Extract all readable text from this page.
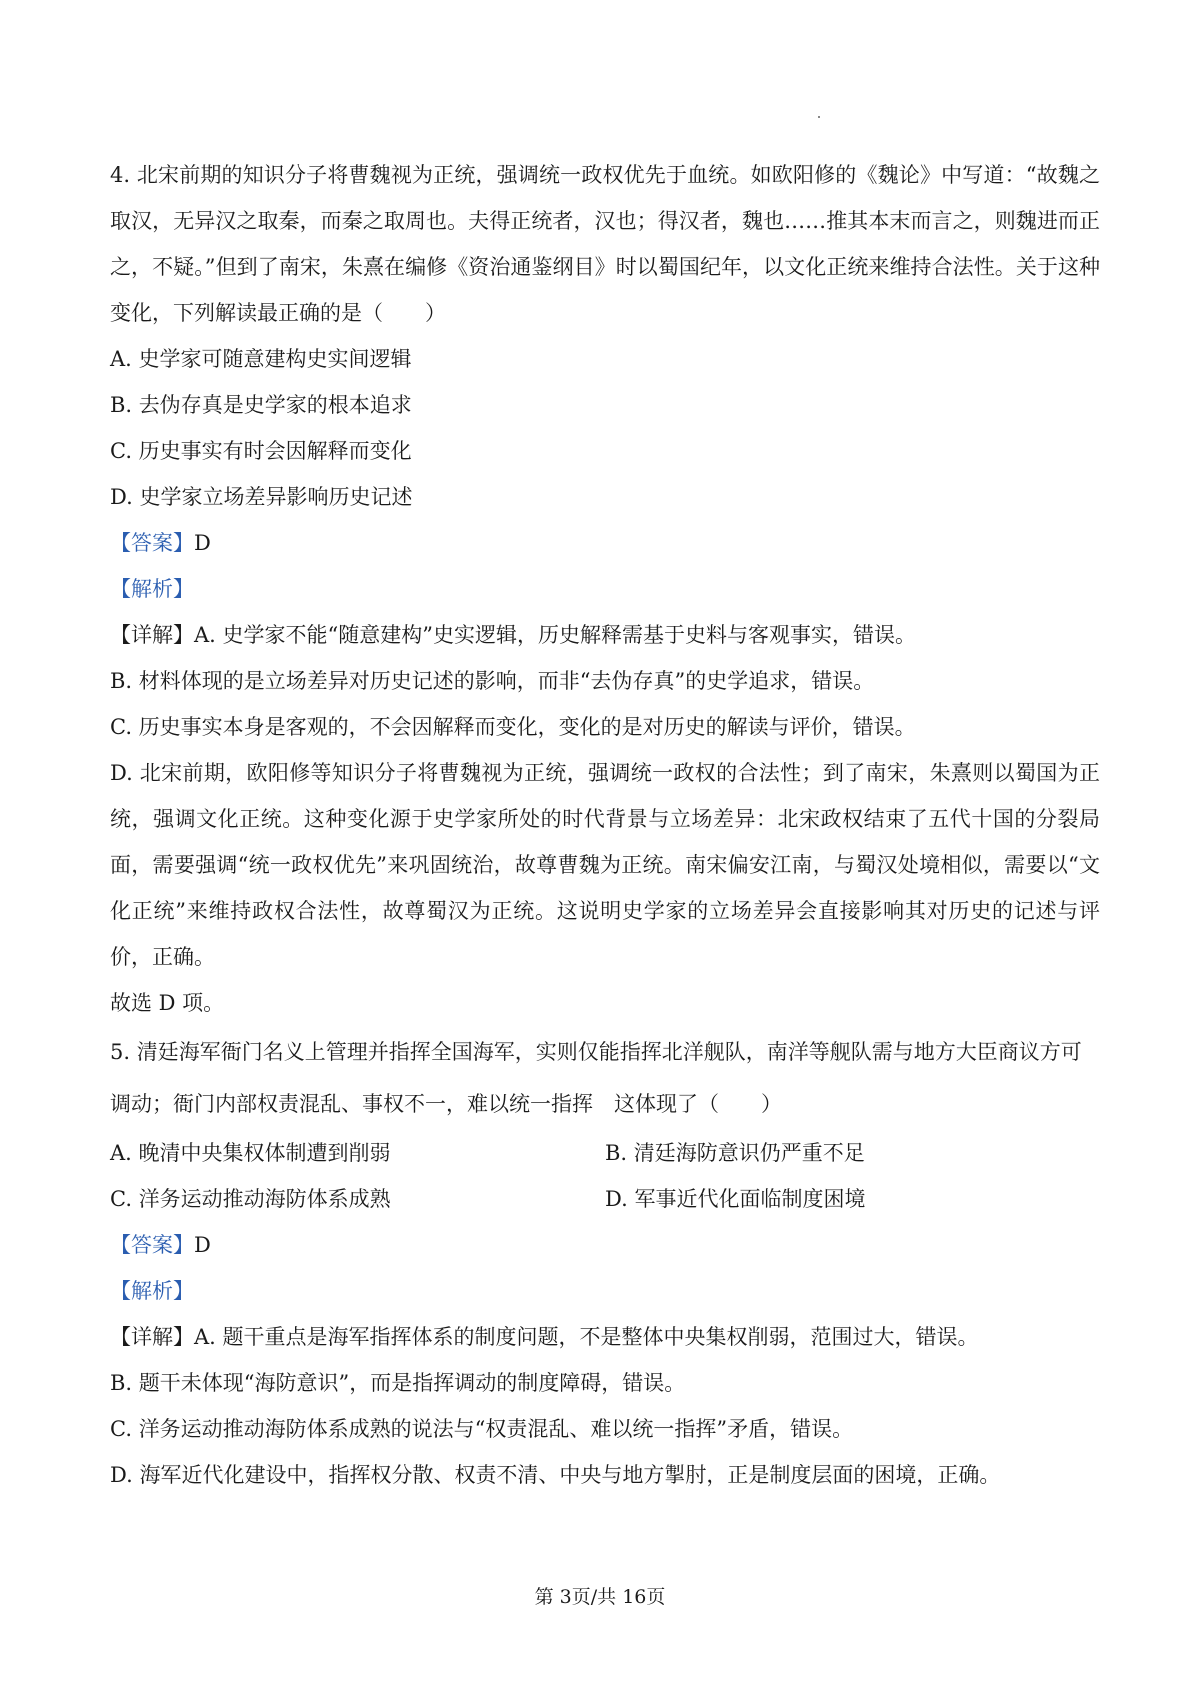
4. 北宋前期的知识分子将曹魏视为正统，强调统一政权优先于血统。如欧阳修的《魏论》中写道：“故魏之取汉，无异汉之取秦，而秦之取周也。夫得正统者，汉也；得汉者，魏也……推其本末而言之，则魏进而正之，不疑。”但到了南宋，朱熹在编修《资治通鉴纲目》时以蜀国纪年，以文化正统来维持合法性。关于这种变化，下列解读最正确的是（　　）

A. 史学家可随意建构史实间逻辑

B. 去伪存真是史学家的根本追求

C. 历史事实有时会因解释而变化

D. 史学家立场差异影响历史记述

【答案】D

【解析】

【详解】A. 史学家不能“随意建构”史实逻辑，历史解释需基于史料与客观事实，错误。

B. 材料体现的是立场差异对历史记述的影响，而非“去伪存真”的史学追求，错误。

C. 历史事实本身是客观的，不会因解释而变化，变化的是对历史的解读与评价，错误。

D. 北宋前期，欧阳修等知识分子将曹魏视为正统，强调统一政权的合法性；到了南宋，朱熹则以蜀国为正统，强调文化正统。这种变化源于史学家所处的时代背景与立场差异：北宋政权结束了五代十国的分裂局面，需要强调“统一政权优先”来巩固统治，故尊曹魏为正统。南宋偏安江南，与蜀汉处境相似，需要以“文化正统”来维持政权合法性，故尊蜀汉为正统。这说明史学家的立场差异会直接影响其对历史的记述与评价，正确。

故选 D 项。

5. 清廷海军衙门名义上管理并指挥全国海军，实则仅能指挥北洋舰队，南洋等舰队需与地方大臣商议方可

调动；衙门内部权责混乱、事权不一，难以统一指挥　这体现了（　　）

A. 晚清中央集权体制遭到削弱	B. 清廷海防意识仍严重不足
C. 洋务运动推动海防体系成熟	D. 军事近代化面临制度困境

【答案】D

【解析】

【详解】A. 题干重点是海军指挥体系的制度问题，不是整体中央集权削弱，范围过大，错误。

B. 题干未体现“海防意识”，而是指挥调动的制度障碍，错误。

C. 洋务运动推动海防体系成熟的说法与“权责混乱、难以统一指挥”矛盾，错误。

D. 海军近代化建设中，指挥权分散、权责不清、中央与地方掣肘，正是制度层面的困境，正确。

第 3页/共 16页
